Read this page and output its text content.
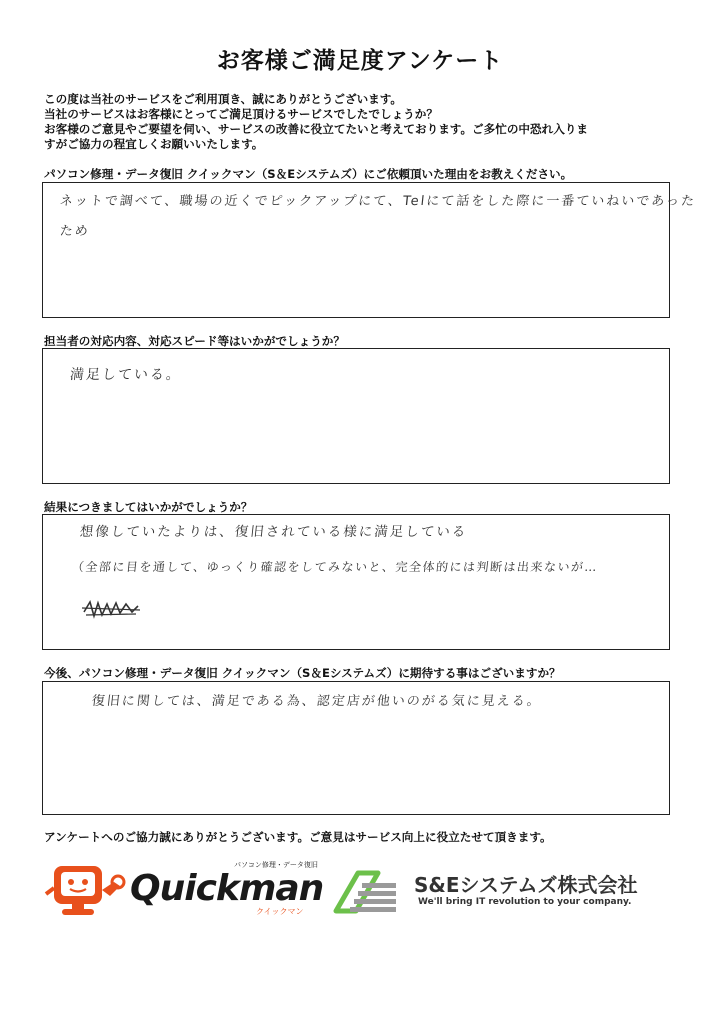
お客様ご満足度アンケート
この度は当社のサービスをご利用頂き、誠にありがとうございます。
当社のサービスはお客様にとってご満足頂けるサービスでしたでしょうか？
お客様のご意見やご要望を伺い、サービスの改善に役立てたいと考えております。ご多忙の中恐れ入りま
すがご協力の程宜しくお願いいたします。
パソコン修理・データ復旧 クイックマン（S＆Eシステムズ）にご依頼頂いた理由をお教えください。
ネットで調べて、職場の近くでピックアップにて、Telにて話をした際に一番ていねいであった
ため
担当者の対応内容、対応スピード等はいかがでしょうか？
満足している。
結果につきましてはいかがでしょうか？
想像していたよりは、復旧されている様に満足している
（全部に目を通して、ゆっくり確認をしてみないと、完全体的には判断は出来ないが…
今後、パソコン修理・データ復旧 クイックマン（S＆Eシステムズ）に期待する事はございますか？
復旧に関しては、満足である為、認定店が他いのがる気に見える。
アンケートへのご協力誠にありがとうございます。ご意見はサービス向上に役立たせて頂きます。
パソコン修理・データ復旧
Quickman
クイックマン
S&Eシステムズ株式会社
We'll bring IT revolution to your company.
